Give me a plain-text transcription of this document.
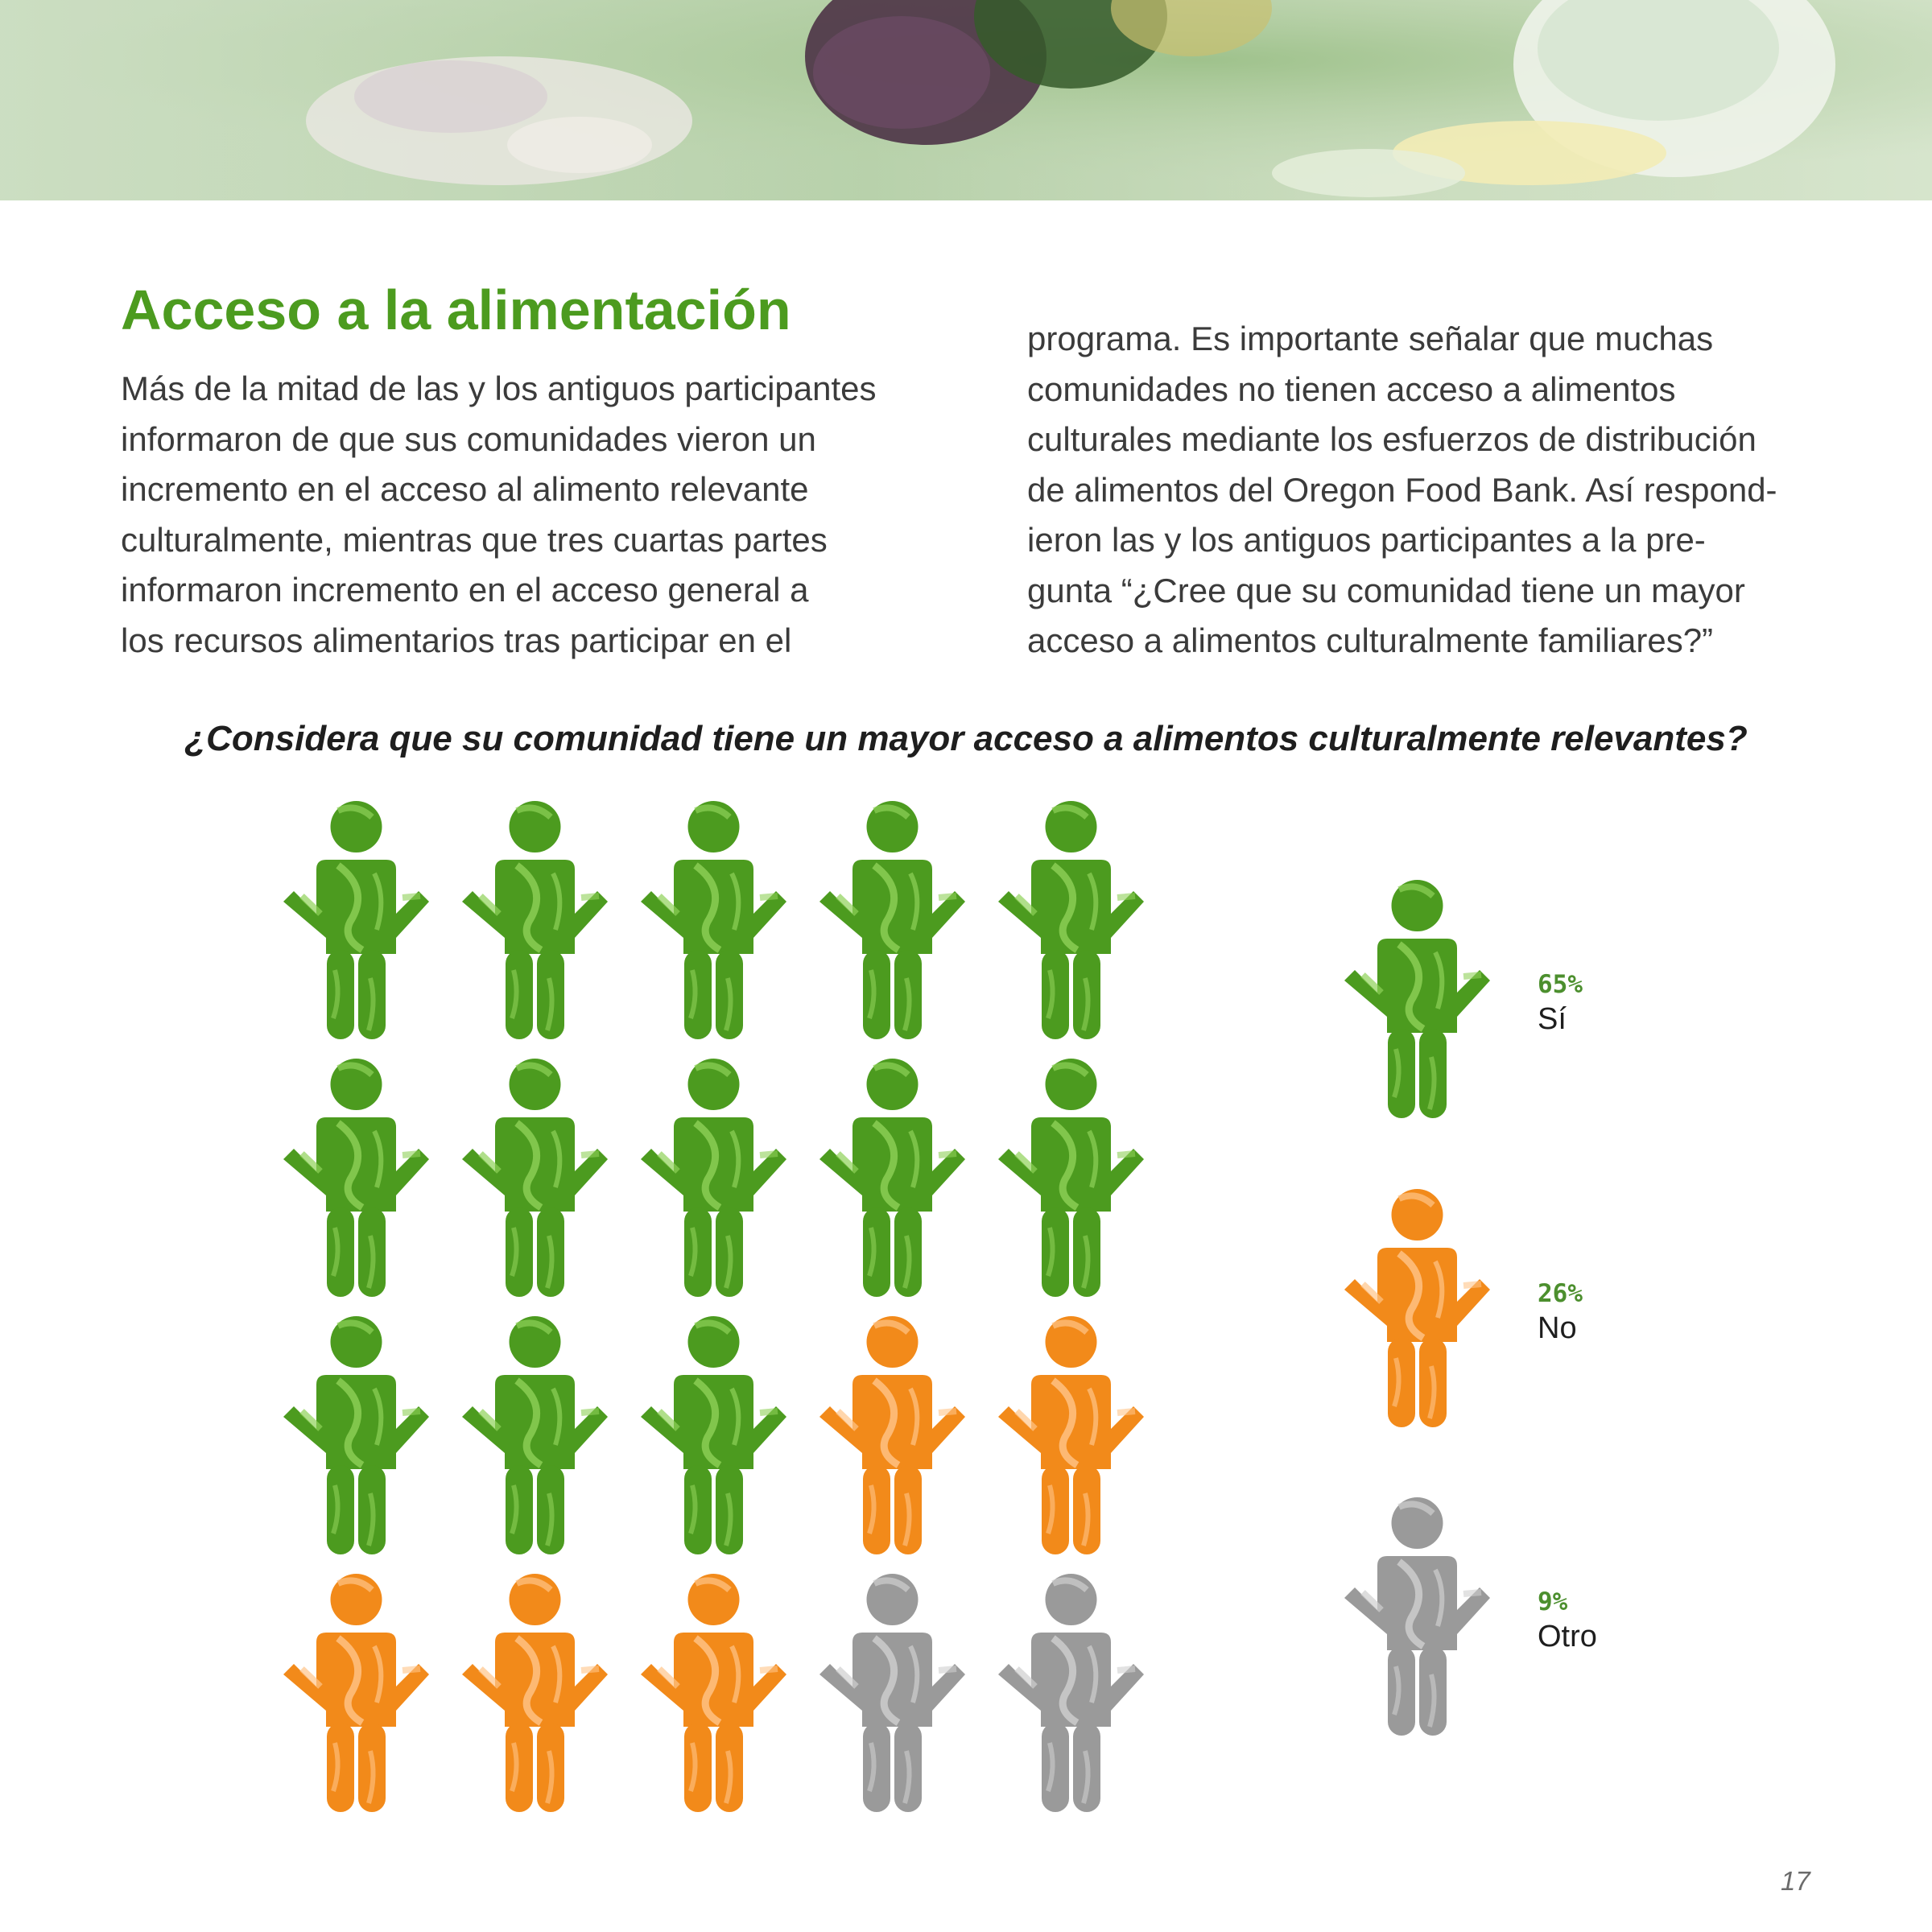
Acceso a la alimentación
Más de la mitad de las y los antiguos participantes
informaron de que sus comunidades vieron un
incremento en el acceso al alimento relevante
culturalmente, mientras que tres cuartas partes
informaron incremento en el acceso general a
los recursos alimentarios tras participar en el
programa. Es importante señalar que muchas
comunidades no tienen acceso a alimentos
culturales mediante los esfuerzos de distribución
de alimentos del Oregon Food Bank. Así respond-
ieron las y los antiguos participantes a la pre-
gunta “¿Cree que su comunidad tiene un mayor
acceso a alimentos culturalmente familiares?”
¿Considera que su comunidad tiene un mayor acceso a alimentos culturalmente relevantes?
65%
Sí
26%
No
9%
Otro
17
